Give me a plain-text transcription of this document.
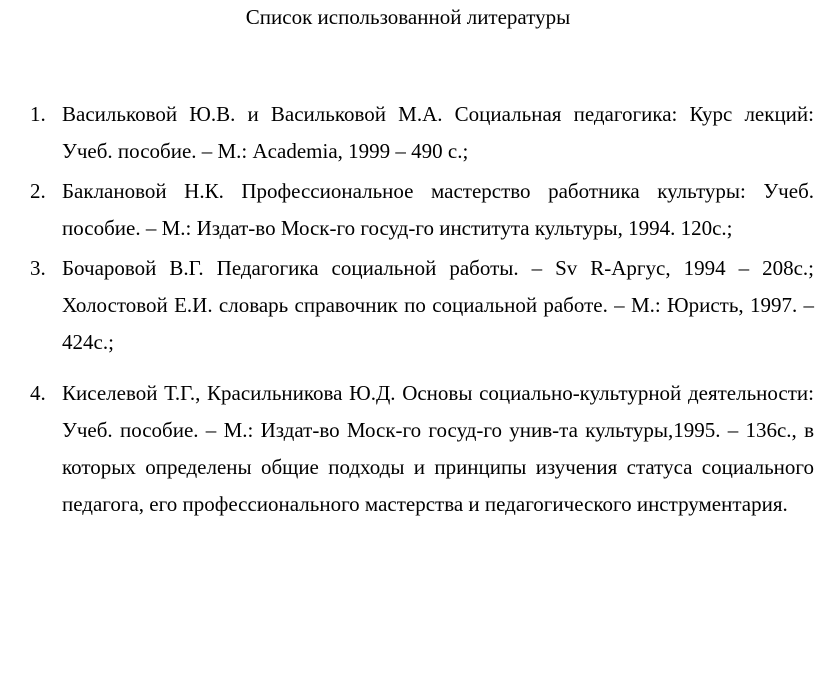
Список использованной литературы
1. Васильковой Ю.В. и Васильковой М.А. Социальная педагогика: Курс лекций: Учеб. пособие. – М.: Academia, 1999 – 490 с.;
2. Баклановой Н.К. Профессиональное мастерство работника культуры: Учеб. пособие. – М.: Издат-во Моск-го госуд-го института культуры, 1994. 120с.;
3. Бочаровой В.Г. Педагогика социальной работы. – Sv R-Аргус, 1994 – 208с.; Холостовой Е.И. словарь справочник по социальной работе. – М.: Юристь, 1997. – 424с.;
4. Киселевой Т.Г., Красильникова Ю.Д. Основы социально-культурной деятельности: Учеб. пособие. – М.: Издат-во Моск-го госуд-го унив-та культуры,1995. – 136с., в которых определены общие подходы и принципы изучения статуса социального педагога, его профессионального мастерства и педагогического инструментария.
